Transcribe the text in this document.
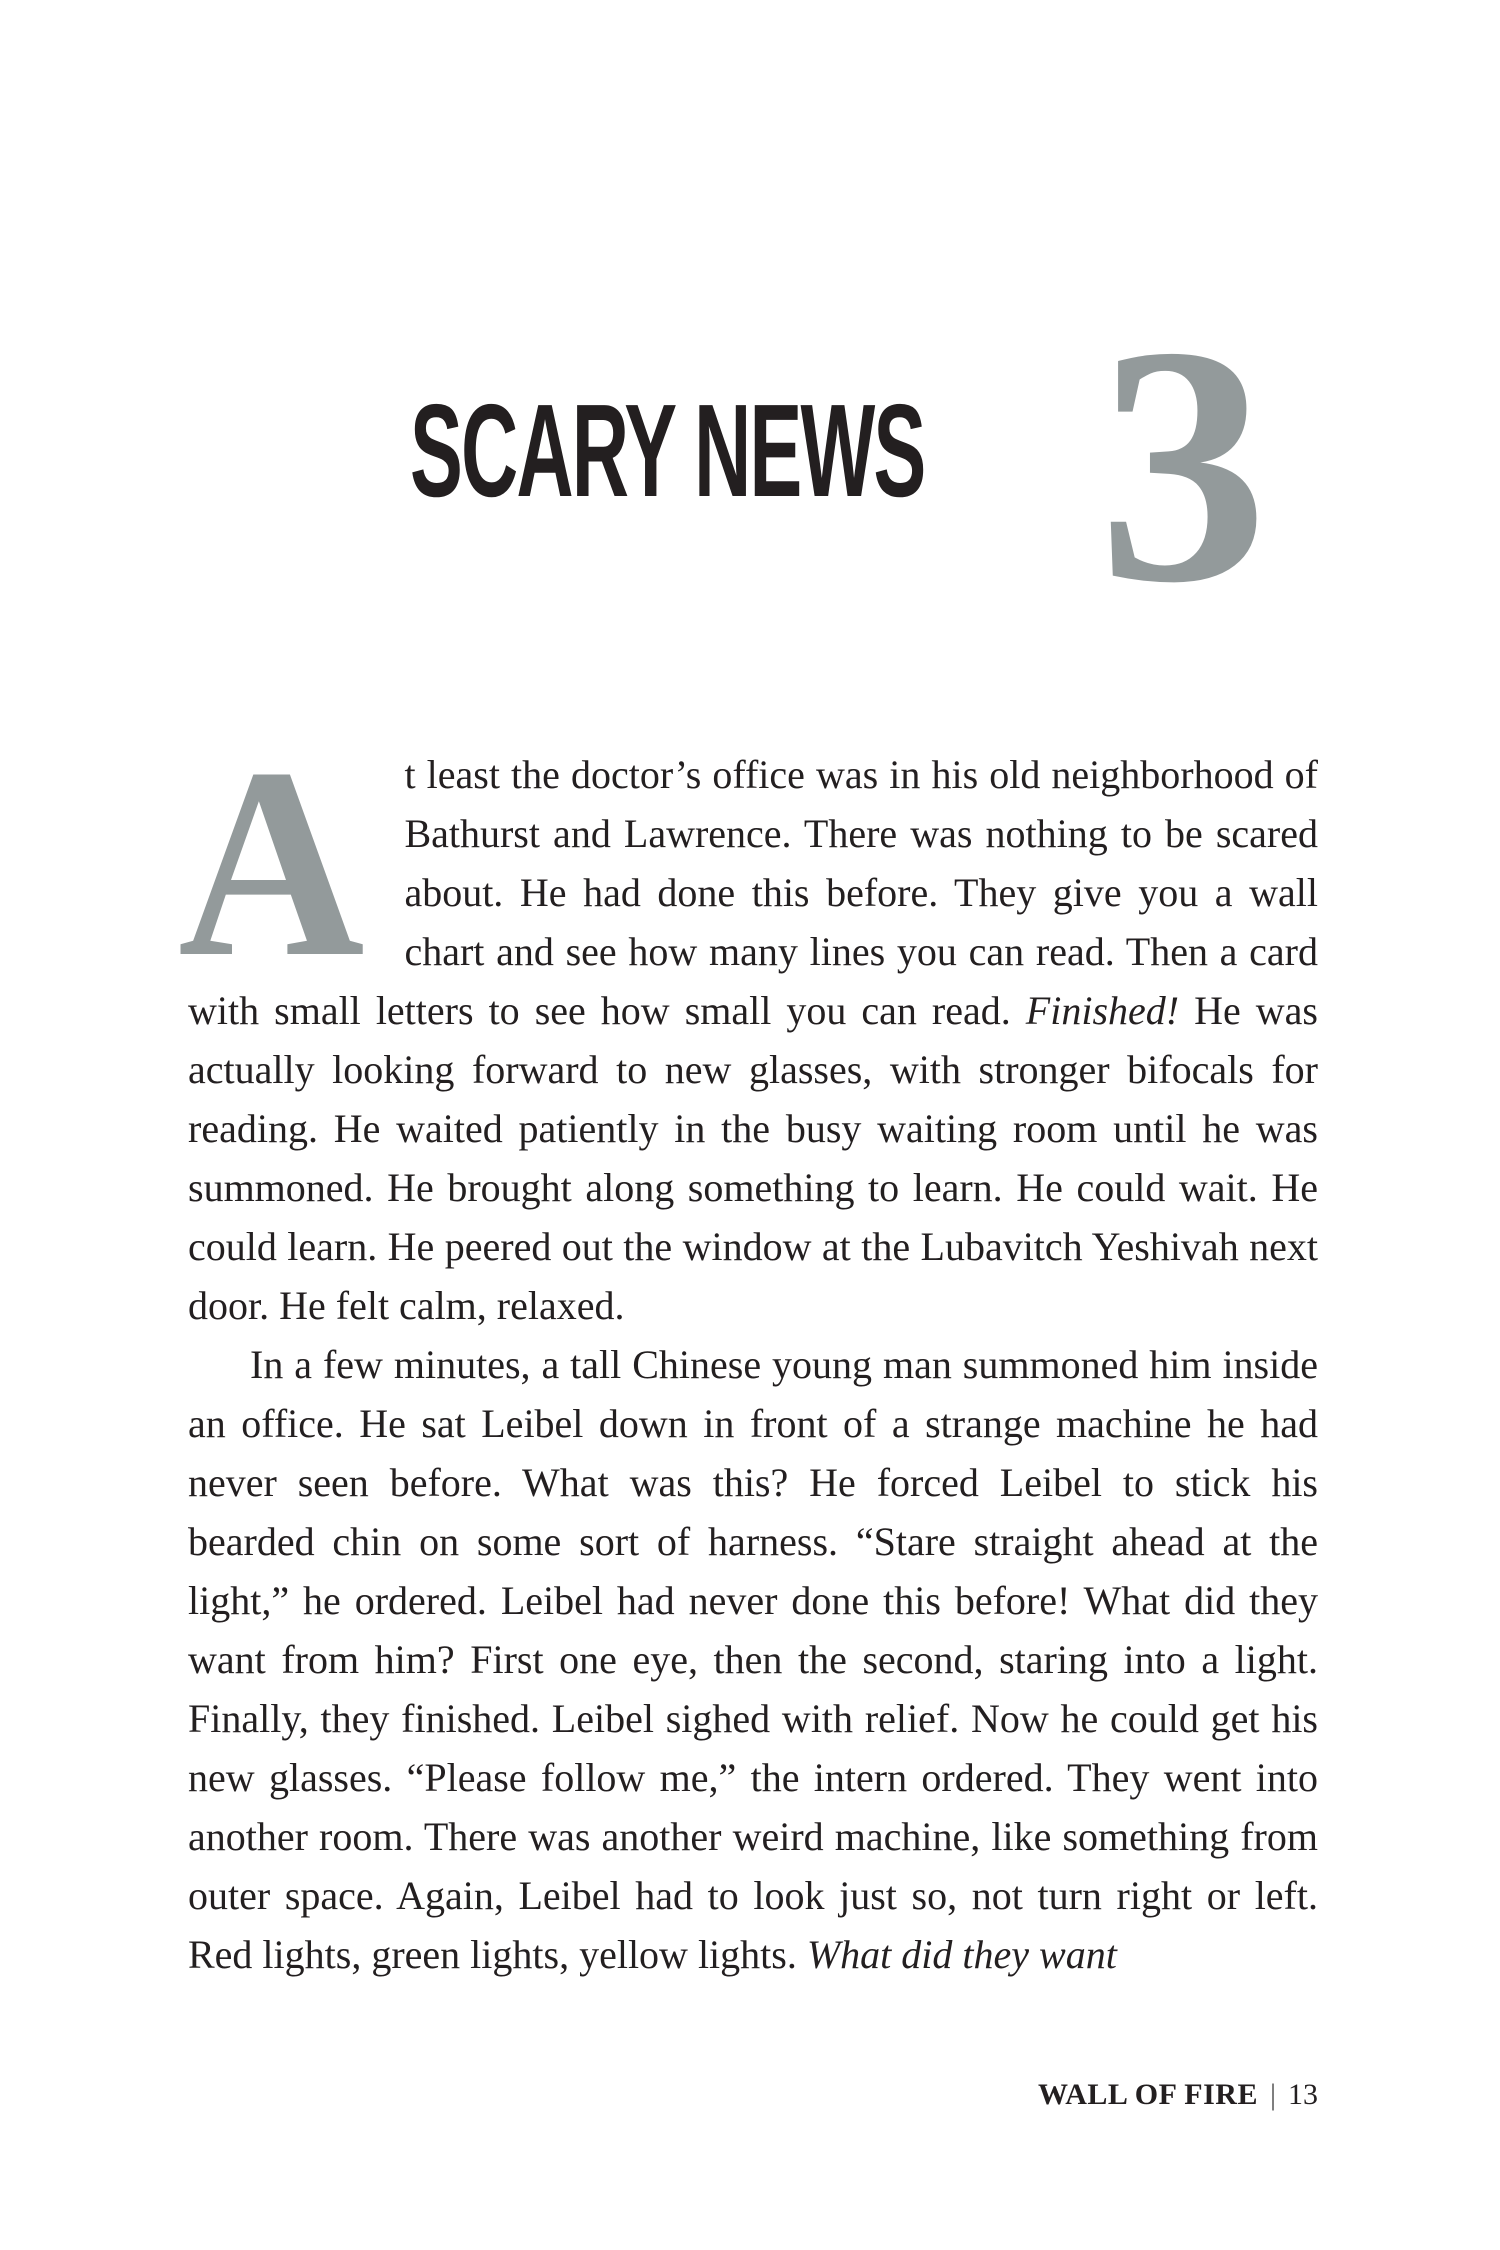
SCARY NEWS 3

At least the doctor’s office was in his old neighborhood of Bathurst and Lawrence. There was nothing to be scared about. He had done this before. They give you a wall chart and see how many lines you can read. Then a card with small letters to see how small you can read. Finished! He was actually looking forward to new glasses, with stronger bifocals for reading. He waited patiently in the busy waiting room until he was summoned. He brought along something to learn. He could wait. He could learn. He peered out the window at the Lubavitch Yeshivah next door. He felt calm, relaxed.

In a few minutes, a tall Chinese young man summoned him inside an office. He sat Leibel down in front of a strange machine he had never seen before. What was this? He forced Leibel to stick his bearded chin on some sort of harness. “Stare straight ahead at the light,” he ordered. Leibel had never done this before! What did they want from him? First one eye, then the second, staring into a light. Finally, they finished. Leibel sighed with relief. Now he could get his new glasses. “Please follow me,” the intern ordered. They went into another room. There was another weird machine, like something from outer space. Again, Leibel had to look just so, not turn right or left. Red lights, green lights, yellow lights. What did they want

WALL OF FIRE | 13
